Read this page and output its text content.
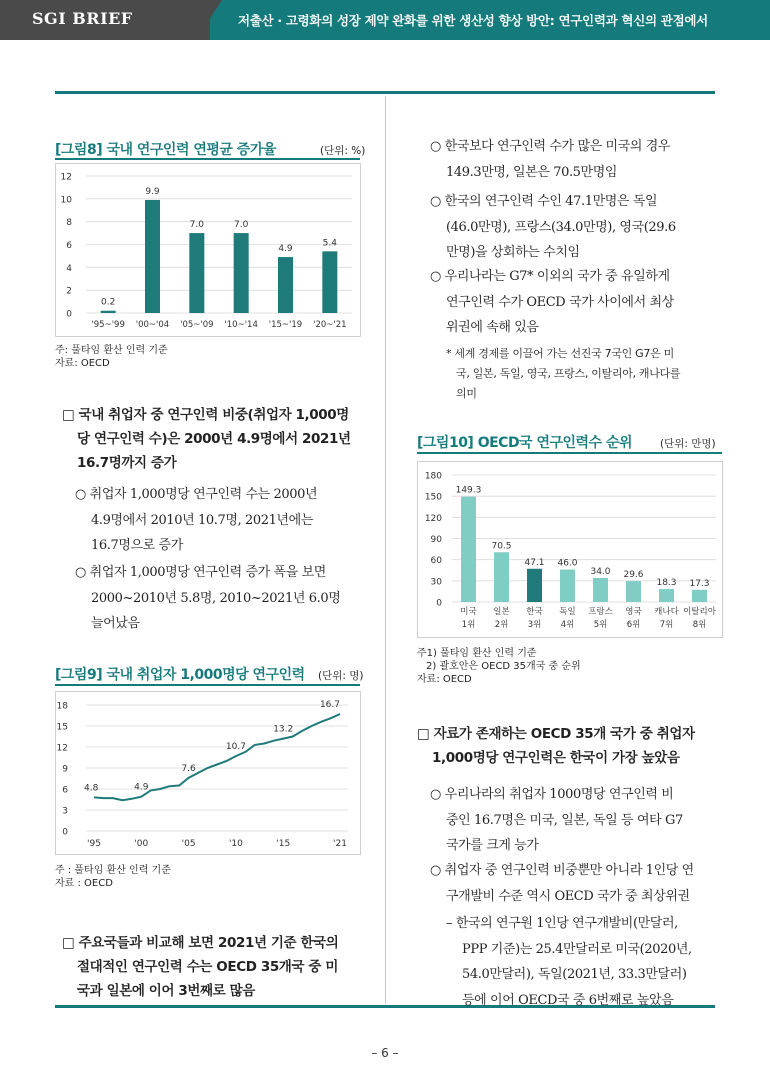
SGI BRIEF	저출산 · 고령화의 성장 제약 완화를 위한 생산성 향상 방안: 연구인력과 혁신의 관점에서
– 6 –
[그림8] 국내 연구인력 연평균 증가율	(단위: %)
0
2
4
6
8
10
12
0.2
'95~'99
9.9
'00~'04
7.0
'05~'09
7.0
'10~'14
4.9
'15~'19
5.4
'20~'21
주: 풀타임 환산 인력 기준
자료: OECD
□ 국내 취업자 중 연구인력 비중(취업자 1,000명
당 연구인력 수)은 2000년 4.9명에서 2021년
16.7명까지 증가
○ 취업자 1,000명당 연구인력 수는 2000년
4.9명에서 2010년 10.7명, 2021년에는
16.7명으로 증가
○ 취업자 1,000명당 연구인력 증가 폭을 보면
2000~2010년 5.8명, 2010~2021년 6.0명
늘어났음
[그림9] 국내 취업자 1,000명당 연구인력 (단위: 명)
0
3
6
9
12
15
18
4.8	4.9
7.6
10.7
13.2
16.7
'95	'00	'05	'10	'15	'21
주 : 풀타임 환산 인력 기준
자료 : OECD
□ 주요국들과 비교해 보면 2021년 기준 한국의
절대적인 연구인력 수는 OECD 35개국 중 미
국과 일본에 이어 3번째로 많음
○ 한국보다 연구인력 수가 많은 미국의 경우
149.3만명, 일본은 70.5만명임
○ 한국의 연구인력 수인 47.1만명은 독일
(46.0만명), 프랑스(34.0만명), 영국(29.6
만명)을 상회하는 수치임
○ 우리나라는 G7* 이외의 국가 중 유일하게
연구인력 수가 OECD 국가 사이에서 최상
위권에 속해 있음
* 세계 경제를 이끌어 가는 선진국 7국인 G7은 미
국, 일본, 독일, 영국, 프랑스, 이탈리아, 캐나다를
의미
[그림10] OECD국 연구인력수 순위	(단위: 만명)
0
30
60
90
120
150
180
149.3
미국
1위
70.5
일본
2위
47.1
한국
3위
46.0
독일
4위
34.0
프랑스
5위
29.6
영국
6위
18.3
캐나다
7위
17.3
이탈리아
8위
주1) 풀타임 환산 인력 기준
2) 괄호안은 OECD 35개국 중 순위
자료: OECD
□ 자료가 존재하는 OECD 35개 국가 중 취업자
1,000명당 연구인력은 한국이 가장 높았음
○ 우리나라의 취업자 1000명당 연구인력 비
중인 16.7명은 미국, 일본, 독일 등 여타 G7
국가를 크게 능가
○ 취업자 중 연구인력 비중뿐만 아니라 1인당 연
구개발비 수준 역시 OECD 국가 중 최상위권
– 한국의 연구원 1인당 연구개발비(만달러,
PPP 기준)는 25.4만달러로 미국(2020년,
54.0만달러), 독일(2021년, 33.3만달러)
등에 이어 OECD국 중 6번째로 높았음
